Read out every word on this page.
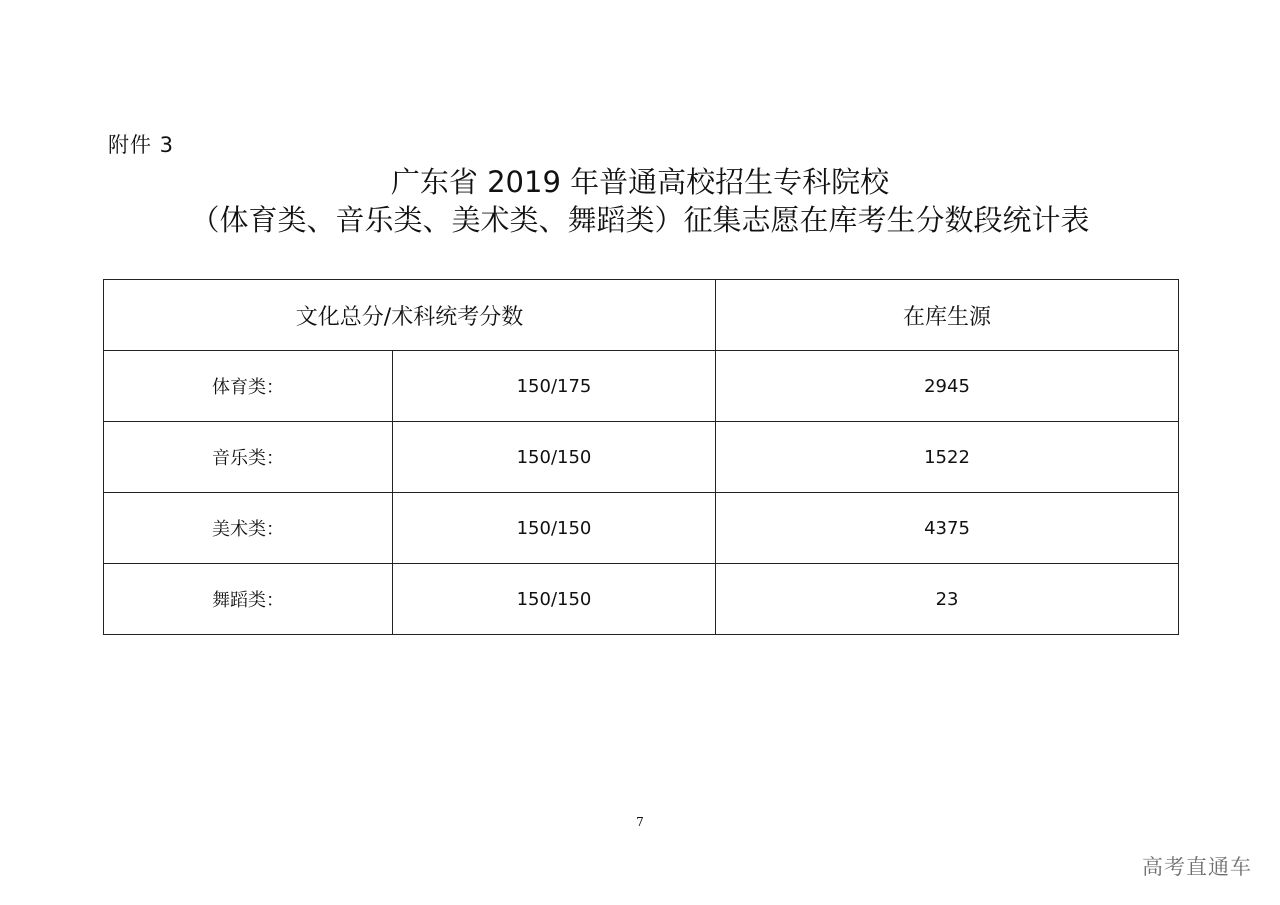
附件 3
广东省 2019 年普通高校招生专科院校
（体育类、音乐类、美术类、舞蹈类）征集志愿在库考生分数段统计表
文化总分/术科统考分数		在库生源
体育类：	150/175	2945
音乐类：	150/150	1522
美术类：	150/150	4375
舞蹈类：	150/150	23
7
高考直通车
